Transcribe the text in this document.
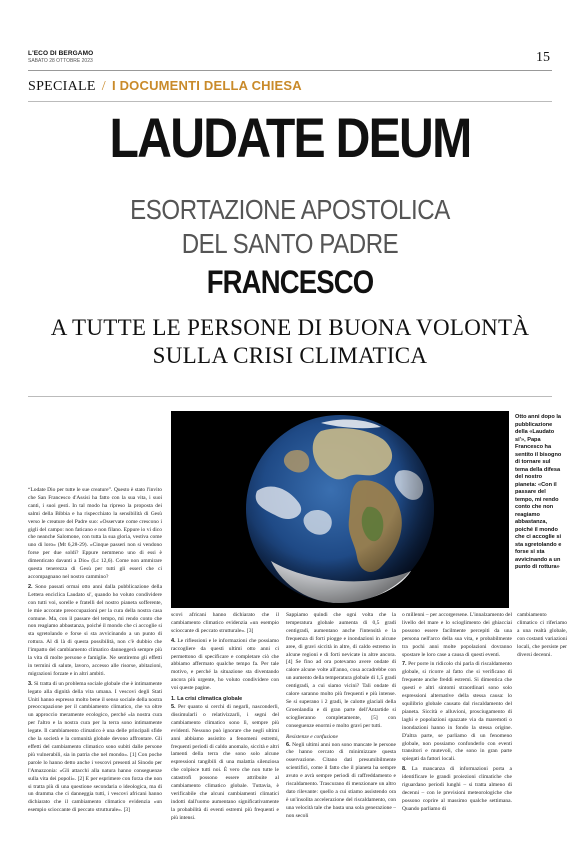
L'ECO DI BERGAMO
SABATO 28 OTTOBRE 2023	15
SPECIALE / I DOCUMENTI DELLA CHIESA
LAUDATE DEUM
ESORTAZIONE APOSTOLICA
DEL SANTO PADRE
FRANCESCO
A TUTTE LE PERSONE DI BUONA VOLONTÀ
SULLA CRISI CLIMATICA
Otto anni dopo la pubblicazione della «Laudato si'», Papa Francesco ha sentito il bisogno di tornare sul tema della difesa del nostro pianeta: «Con il passare del tempo, mi rendo conto che non reagiamo abbastanza, poiché il mondo che ci accoglie si sta sgretolando e forse si sta avvicinando a un punto di rottura»

“Lodate Dio per tutte le sue creature”. Questo è stato l'invito che San Francesco d'Assisi ha fatto con la sua vita, i suoi canti, i suoi gesti. In tal modo ha ripreso la proposta dei salmi della Bibbia e ha rispecchiato la sensibilità di Gesù verso le creature del Padre suo: «Osservate come crescono i gigli del campo: non faticano e non filano. Eppure io vi dico che neanche Salomone, con tutta la sua gloria, vestiva come uno di loro» (Mt 6,28-29). «Cinque passeri non si vendono forse per due soldi? Eppure nemmeno uno di essi è dimenticato davanti a Dio» (Lc 12,6). Come non ammirare questa tenerezza di Gesù per tutti gli esseri che ci accompagnano nel nostro cammino?

2. Sono passati ormai otto anni dalla pubblicazione della Lettera enciclica Laudato si', quando ho voluto condividere con tutti voi, sorelle e fratelli del nostro pianeta sofferente, le mie accorate preoccupazioni per la cura della nostra casa comune. Ma, con il passare del tempo, mi rendo conto che non reagiamo abbastanza, poiché il mondo che ci accoglie si sta sgretolando e forse si sta avvicinando a un punto di rottura. Al di là di questa possibilità, non c'è dubbio che l'impatto del cambiamento climatico danneggerà sempre più la vita di molte persone e famiglie. Ne sentiremo gli effetti in termini di salute, lavoro, accesso alle risorse, abitazioni, migrazioni forzate e in altri ambiti.

3. Si tratta di un problema sociale globale che è intimamente legato alla dignità della vita umana. I vescovi degli Stati Uniti hanno espresso molto bene il senso sociale della nostra preoccupazione per il cambiamento climatico, che va oltre un approccio meramente ecologico, perché «la nostra cura per l'altro e la nostra cura per la terra sono intimamente legate. Il cambiamento climatico è una delle principali sfide che la società e la comunità globale devono affrontare. Gli effetti del cambiamento climatico sono subiti dalle persone più vulnerabili, sia in patria che nel mondo». [1] Con poche parole lo hanno detto anche i vescovi presenti al Sinodo per l'Amazzonia: «Gli attacchi alla natura hanno conseguenze sulla vita dei popoli». [2] E per esprimere con forza che non si tratta più di una questione secondaria o ideologica, ma di un dramma che ci danneggia tutti, i vescovi africani hanno dichiarato che il cambiamento climatico evidenzia «un esempio scioccante di peccato strutturale». [3]

scovi africani hanno dichiarato che il cambiamento climatico evidenzia «un esempio scioccante di peccato strutturale». [3]

4. Le riflessioni e le informazioni che possiamo raccogliere da questi ultimi otto anni ci permettono di specificare e completare ciò che abbiamo affermato qualche tempo fa. Per tale motivo, e perché la situazione sta diventando ancora più urgente, ho voluto condividere con voi queste pagine.

1. La crisi climatica globale

5. Per quanto si cerchi di negarli, nasconderli, dissimularli o relativizzarli, i segni del cambiamento climatico sono lì, sempre più evidenti. Nessuno può ignorare che negli ultimi anni abbiamo assistito a fenomeni estremi, frequenti periodi di caldo anomalo, siccità e altri lamenti della terra che sono solo alcune espressioni tangibili di una malattia silenziosa che colpisce tutti noi. È vero che non tutte le catastrofi possono essere attribuite al cambiamento climatico globale. Tuttavia, è verificabile che alcuni cambiamenti climatici indotti dall'uomo aumentano significativamente la probabilità di eventi estremi più frequenti e più intensi.

Sappiamo quindi che ogni volta che la temperatura globale aumenta di 0,5 gradi centigradi, aumentano anche l'intensità e la frequenza di forti piogge e inondazioni in alcune aree, di gravi siccità in altre, di caldo estremo in alcune regioni e di forti nevicate in altre ancora. [4] Se fino ad ora potevamo avere ondate di calore alcune volte all'anno, cosa accadrebbe con un aumento della temperatura globale di 1,5 gradi centigradi, a cui siamo vicini? Tali ondate di calore saranno molto più frequenti e più intense. Se si superano i 2 gradi, le calotte glaciali della Groenlandia e di gran parte dell'Antartide si scioglieranno completamente, [5] con conseguenze enormi e molto gravi per tutti.

Resistenze e confusione

6. Negli ultimi anni non sono mancate le persone che hanno cercato di minimizzare questa osservazione. Citano dati presumibilmente scientifici, come il fatto che il pianeta ha sempre avuto e avrà sempre periodi di raffreddamento e riscaldamento. Trascurano di menzionare un altro dato rilevante: quello a cui stiamo assistendo ora è un'insolita accelerazione del riscaldamento, con una velocità tale che basta una sola generazione – non secoli

o millenni – per accorgersene. L'innalzamento del livello del mare e lo scioglimento dei ghiacciai possono essere facilmente percepiti da una persona nell'arco della sua vita, e probabilmente tra pochi anni molte popolazioni dovranno spostare le loro case a causa di questi eventi.

7. Per porre in ridicolo chi parla di riscaldamento globale, si ricorre al fatto che si verificano di frequente anche freddi estremi. Si dimentica che questi e altri sintomi straordinari sono solo espressioni alternative della stessa causa: lo squilibrio globale causato dal riscaldamento del pianeta. Siccità e alluvioni, prosciugamento di laghi e popolazioni spazzate via da maremoti o inondazioni hanno in fondo la stessa origine. D'altra parte, se parliamo di un fenomeno globale, non possiamo confonderlo con eventi transitori e mutevoli, che sono in gran parte spiegati da fattori locali.

8. La mancanza di informazioni porta a identificare le grandi proiezioni climatiche che riguardano periodi lunghi – si tratta almeno di decenni – con le previsioni meteorologiche che possono coprire al massimo qualche settimana. Quando parliamo di

cambiamento climatico ci riferiamo a una realtà globale, con costanti variazioni locali, che persiste per diversi decenni.
